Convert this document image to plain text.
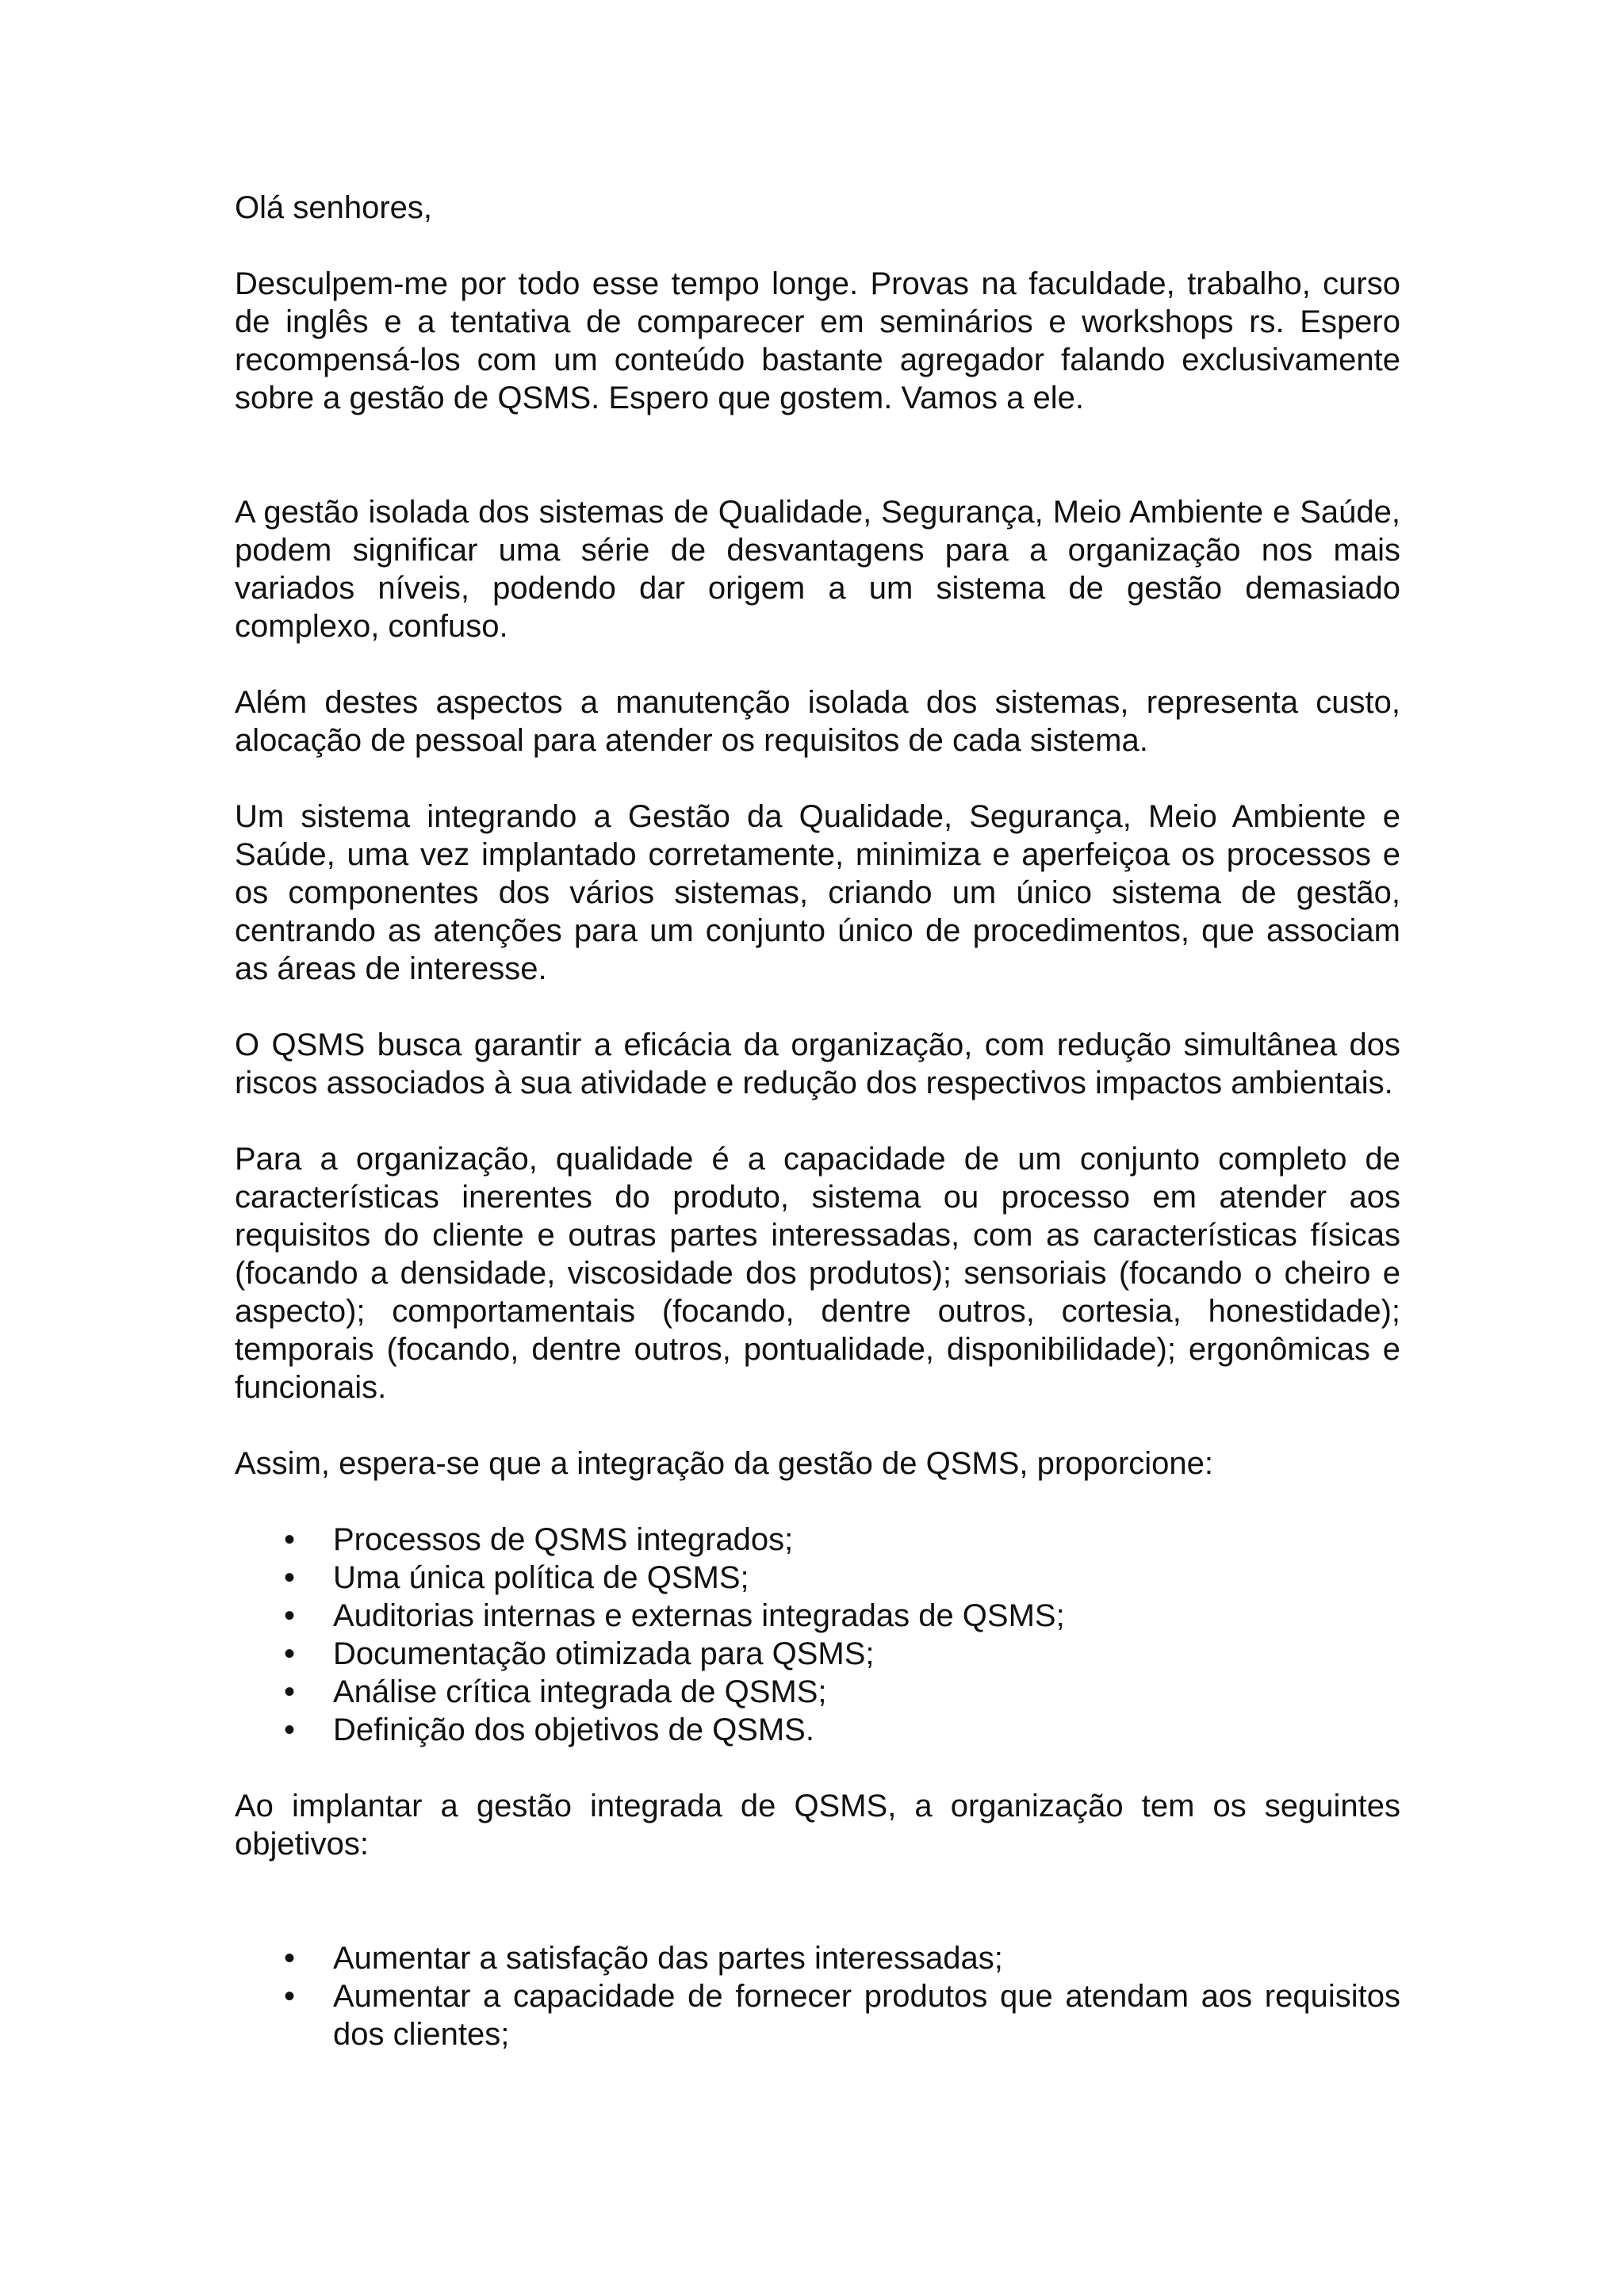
Olá senhores,

Desculpem-me por todo esse tempo longe. Provas na faculdade, trabalho, curso de inglês e a tentativa de comparecer em seminários e workshops rs. Espero recompensá-los com um conteúdo bastante agregador falando exclusivamente sobre a gestão de QSMS. Espero que gostem. Vamos a ele.

A gestão isolada dos sistemas de Qualidade, Segurança, Meio Ambiente e Saúde, podem significar uma série de desvantagens para a organização nos mais variados níveis, podendo dar origem a um sistema de gestão demasiado complexo, confuso.

Além destes aspectos a manutenção isolada dos sistemas, representa custo, alocação de pessoal para atender os requisitos de cada sistema.

Um sistema integrando a Gestão da Qualidade, Segurança, Meio Ambiente e Saúde, uma vez implantado corretamente, minimiza e aperfeiçoa os processos e os componentes dos vários sistemas, criando um único sistema de gestão, centrando as atenções para um conjunto único de procedimentos, que associam as áreas de interesse.

O QSMS busca garantir a eficácia da organização, com redução simultânea dos riscos associados à sua atividade e redução dos respectivos impactos ambientais.

Para a organização, qualidade é a capacidade de um conjunto completo de características inerentes do produto, sistema ou processo em atender aos requisitos do cliente e outras partes interessadas, com as características físicas (focando a densidade, viscosidade dos produtos); sensoriais (focando o cheiro e aspecto); comportamentais (focando, dentre outros, cortesia, honestidade); temporais (focando, dentre outros, pontualidade, disponibilidade); ergonômicas e funcionais.

Assim, espera-se que a integração da gestão de QSMS, proporcione:

• Processos de QSMS integrados;
• Uma única política de QSMS;
• Auditorias internas e externas integradas de QSMS;
• Documentação otimizada para QSMS;
• Análise crítica integrada de QSMS;
• Definição dos objetivos de QSMS.

Ao implantar a gestão integrada de QSMS, a organização tem os seguintes objetivos:

• Aumentar a satisfação das partes interessadas;
• Aumentar a capacidade de fornecer produtos que atendam aos requisitos dos clientes;
